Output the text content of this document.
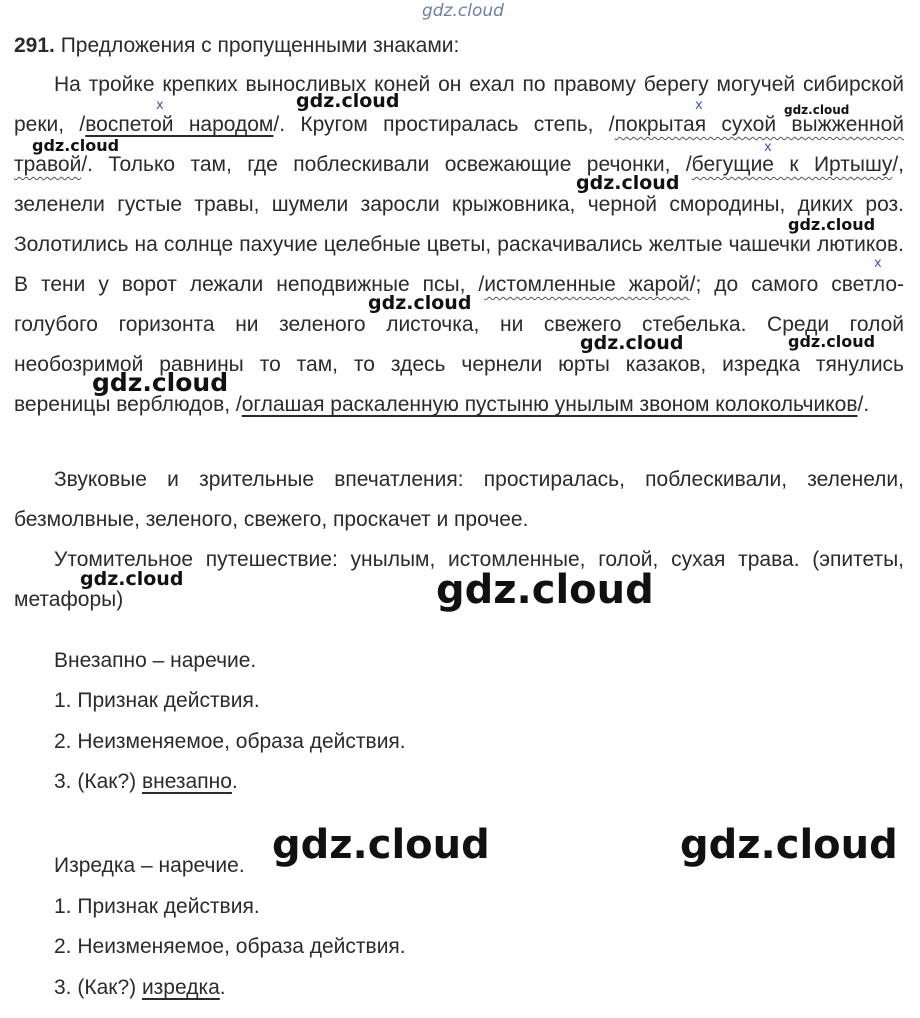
gdz.cloud
291. Предложения с пропущенными знаками:
На тройке крепких выносливых коней он ехал по правому берегу могучей сибирской реки, /воспетой народом/. Кругом простиралась степь, /покрытая сухой выжженной травой/. Только там, где поблескивали освежающие речонки, /бегущие к Иртышу/, зеленели густые травы, шумели заросли крыжовника, черной смородины, диких роз. Золотились на солнце пахучие целебные цветы, раскачивались желтые чашечки лютиков. В тени у ворот лежали неподвижные псы, /истомленные жарой/; до самого светло-голубого горизонта ни зеленого листочка, ни свежего стебелька. Среди голой необозримой равнины то там, то здесь чернели юрты казаков, изредка тянулись вереницы верблюдов, /оглашая раскаленную пустыню унылым звоном колокольчиков/.
x	x
x
x
Звуковые и зрительные впечатления: простиралась, поблескивали, зеленели, безмолвные, зеленого, свежего, проскачет и прочее.
Утомительное путешествие: унылым, истомленные, голой, сухая трава. (эпитеты, метафоры)
Внезапно – наречие.
1. Признак действия.
2. Неизменяемое, образа действия.
3. (Как?) внезапно.
Изредка – наречие.
1. Признак действия.
2. Неизменяемое, образа действия.
3. (Как?) изредка.
gdz.cloud	gdz.cloud
gdz.cloud
gdz.cloud
gdz.cloud
gdz.cloud
gdz.cloud	gdz.cloud
gdz.cloud
gdz.cloud	gdz.cloud
gdz.cloud	gdz.cloud
